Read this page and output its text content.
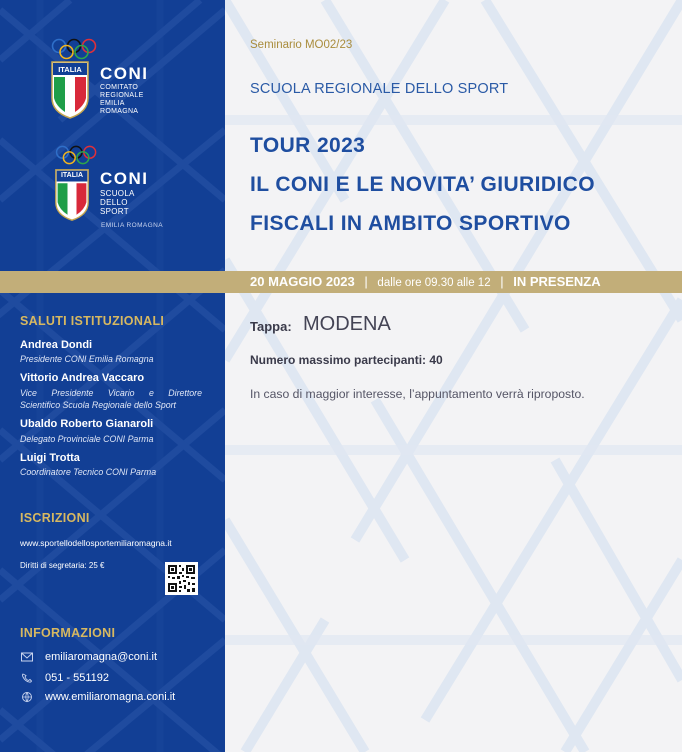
ITALIA CONI
COMITATO
REGIONALE
EMILIA ROMAGNA
ITALIA CONI
SCUOLA
DELLO SPORT
EMILIA ROMAGNA
SALUTI ISTITUZIONALI
Andrea Dondi
Presidente CONI Emilia Romagna
Vittorio Andrea Vaccaro
Vice Presidente Vicario e Direttore
Scientifico Scuola Regionale dello Sport
Ubaldo Roberto Gianaroli
Delegato Provinciale CONI Parma
Luigi Trotta
Coordinatore Tecnico CONI Parma
ISCRIZIONI
www.sportellodellosportemiliaromagna.it
Diritti di segretaria: 25 €
INFORMAZIONI
emiliaromagna@coni.it
051 - 551192
www.emiliaromagna.coni.it
Seminario MO02/23
SCUOLA REGIONALE DELLO SPORT
TOUR 2023
IL CONI E LE NOVITA’ GIURIDICO
FISCALI IN AMBITO SPORTIVO
20 MAGGIO 2023 | dalle ore 09.30 alle 12 | IN PRESENZA
Tappa: MODENA
Numero massimo partecipanti: 40
In caso di maggior interesse, l’appuntamento verrà riproposto.
